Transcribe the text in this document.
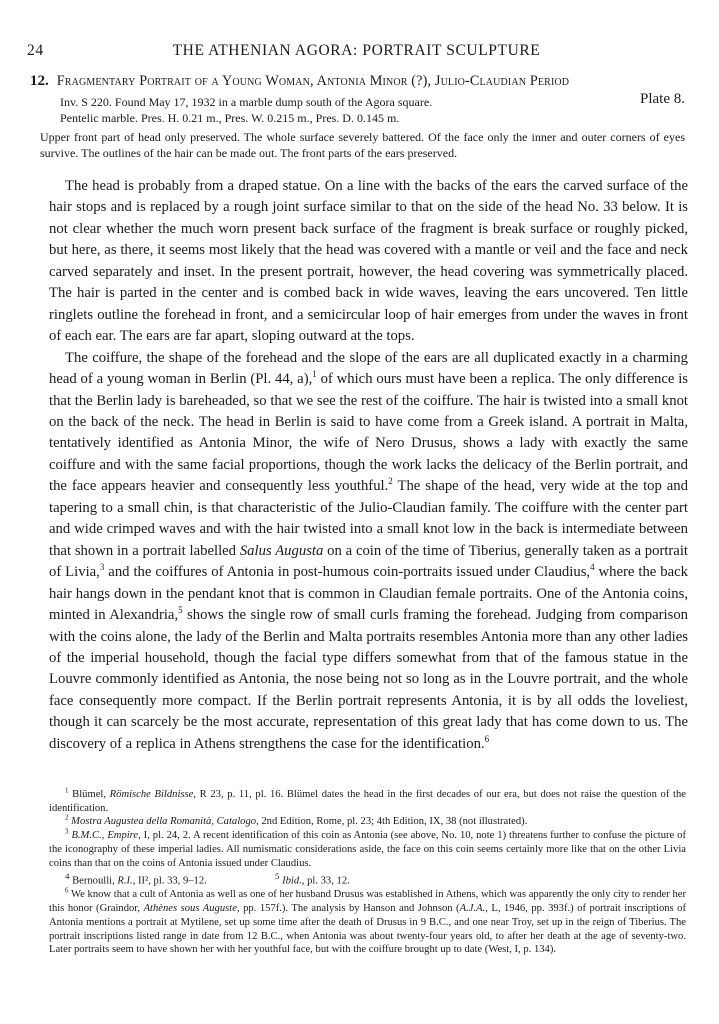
24	THE ATHENIAN AGORA: PORTRAIT SCULPTURE
12. Fragmentary Portrait of a Young Woman, Antonia Minor (?), Julio-Claudian Period
Inv. S 220. Found May 17, 1932 in a marble dump south of the Agora square.
Pentelic marble. Pres. H. 0.21 m., Pres. W. 0.215 m., Pres. D. 0.145 m.
Plate 8.
Upper front part of head only preserved. The whole surface severely battered. Of the face only the inner and outer corners of eyes survive. The outlines of the hair can be made out. The front parts of the ears preserved.

The head is probably from a draped statue. On a line with the backs of the ears the carved surface of the hair stops and is replaced by a rough joint surface similar to that on the side of the head No. 33 below. It is not clear whether the much worn present back surface of the fragment is break surface or roughly picked, but here, as there, it seems most likely that the head was covered with a mantle or veil and the face and neck carved separately and inset. In the present portrait, however, the head covering was symmetrically placed. The hair is parted in the center and is combed back in wide waves, leaving the ears uncovered. Ten little ringlets outline the forehead in front, and a semicircular loop of hair emerges from under the waves in front of each ear. The ears are far apart, sloping outward at the tops.

The coiffure, the shape of the forehead and the slope of the ears are all duplicated exactly in a charming head of a young woman in Berlin (Pl. 44, a),$^1$ of which ours must have been a replica. The only difference is that the Berlin lady is bareheaded, so that we see the rest of the coiffure. The hair is twisted into a small knot on the back of the neck. The head in Berlin is said to have come from a Greek island. A portrait in Malta, tentatively identified as Antonia Minor, the wife of Nero Drusus, shows a lady with exactly the same coiffure and with the same facial proportions, though the work lacks the delicacy of the Berlin portrait, and the face appears heavier and consequently less youthful.$^2$ The shape of the head, very wide at the top and tapering to a small chin, is that characteristic of the Julio-Claudian family. The coiffure with the center part and wide crimped waves and with the hair twisted into a small knot low in the back is intermediate between that shown in a portrait labelled Salus Augusta on a coin of the time of Tiberius, generally taken as a portrait of Livia,$^3$ and the coiffures of Antonia in post-humous coin-portraits issued under Claudius,$^4$ where the back hair hangs down in the pendant knot that is common in Claudian female portraits. One of the Antonia coins, minted in Alexandria,$^5$ shows the single row of small curls framing the forehead. Judging from comparison with the coins alone, the lady of the Berlin and Malta portraits resembles Antonia more than any other ladies of the imperial household, though the facial type differs somewhat from that of the famous statue in the Louvre commonly identified as Antonia, the nose being not so long as in the Louvre portrait, and the whole face consequently more compact. If the Berlin portrait represents Antonia, it is by all odds the loveliest, though it can scarcely be the most accurate, representation of this great lady that has come down to us. The discovery of a replica in Athens strengthens the case for the identification.$^6$

$^1$ Blümel, Römische Bildnisse, R 23, p. 11, pl. 16. Blümel dates the head in the first decades of our era, but does not raise the question of the identification.

$^2$ Mostra Augustea della Romanità, Catalogo, 2nd Edition, Rome, pl. 23; 4th Edition, IX, 38 (not illustrated).

$^3$ B.M.C., Empire, I, pl. 24, 2. A recent identification of this coin as Antonia (see above, No. 10, note 1) threatens further to confuse the picture of the iconography of these imperial ladies. All numismatic considerations aside, the face on this coin seems certainly more like that on the other Livia coins than that on the coins of Antonia issued under Claudius.

$^4$ Bernoulli, R.I., II², pl. 33, 9–12.	$^5$ Ibid., pl. 33, 12.

$^6$ We know that a cult of Antonia as well as one of her husband Drusus was established in Athens, which was apparently the only city to render her this honor (Graindor, Athènes sous Auguste, pp. 157f.). The analysis by Hanson and Johnson (A.J.A., L, 1946, pp. 393f.) of portrait inscriptions of Antonia mentions a portrait at Mytilene, set up some time after the death of Drusus in 9 B.C., and one near Troy, set up in the reign of Tiberius. The portrait inscriptions listed range in date from 12 B.C., when Antonia was about twenty-four years old, to after her death at the age of seventy-two. Later portraits seem to have shown her with her youthful face, but with the coiffure brought up to date (West, I, p. 134).
